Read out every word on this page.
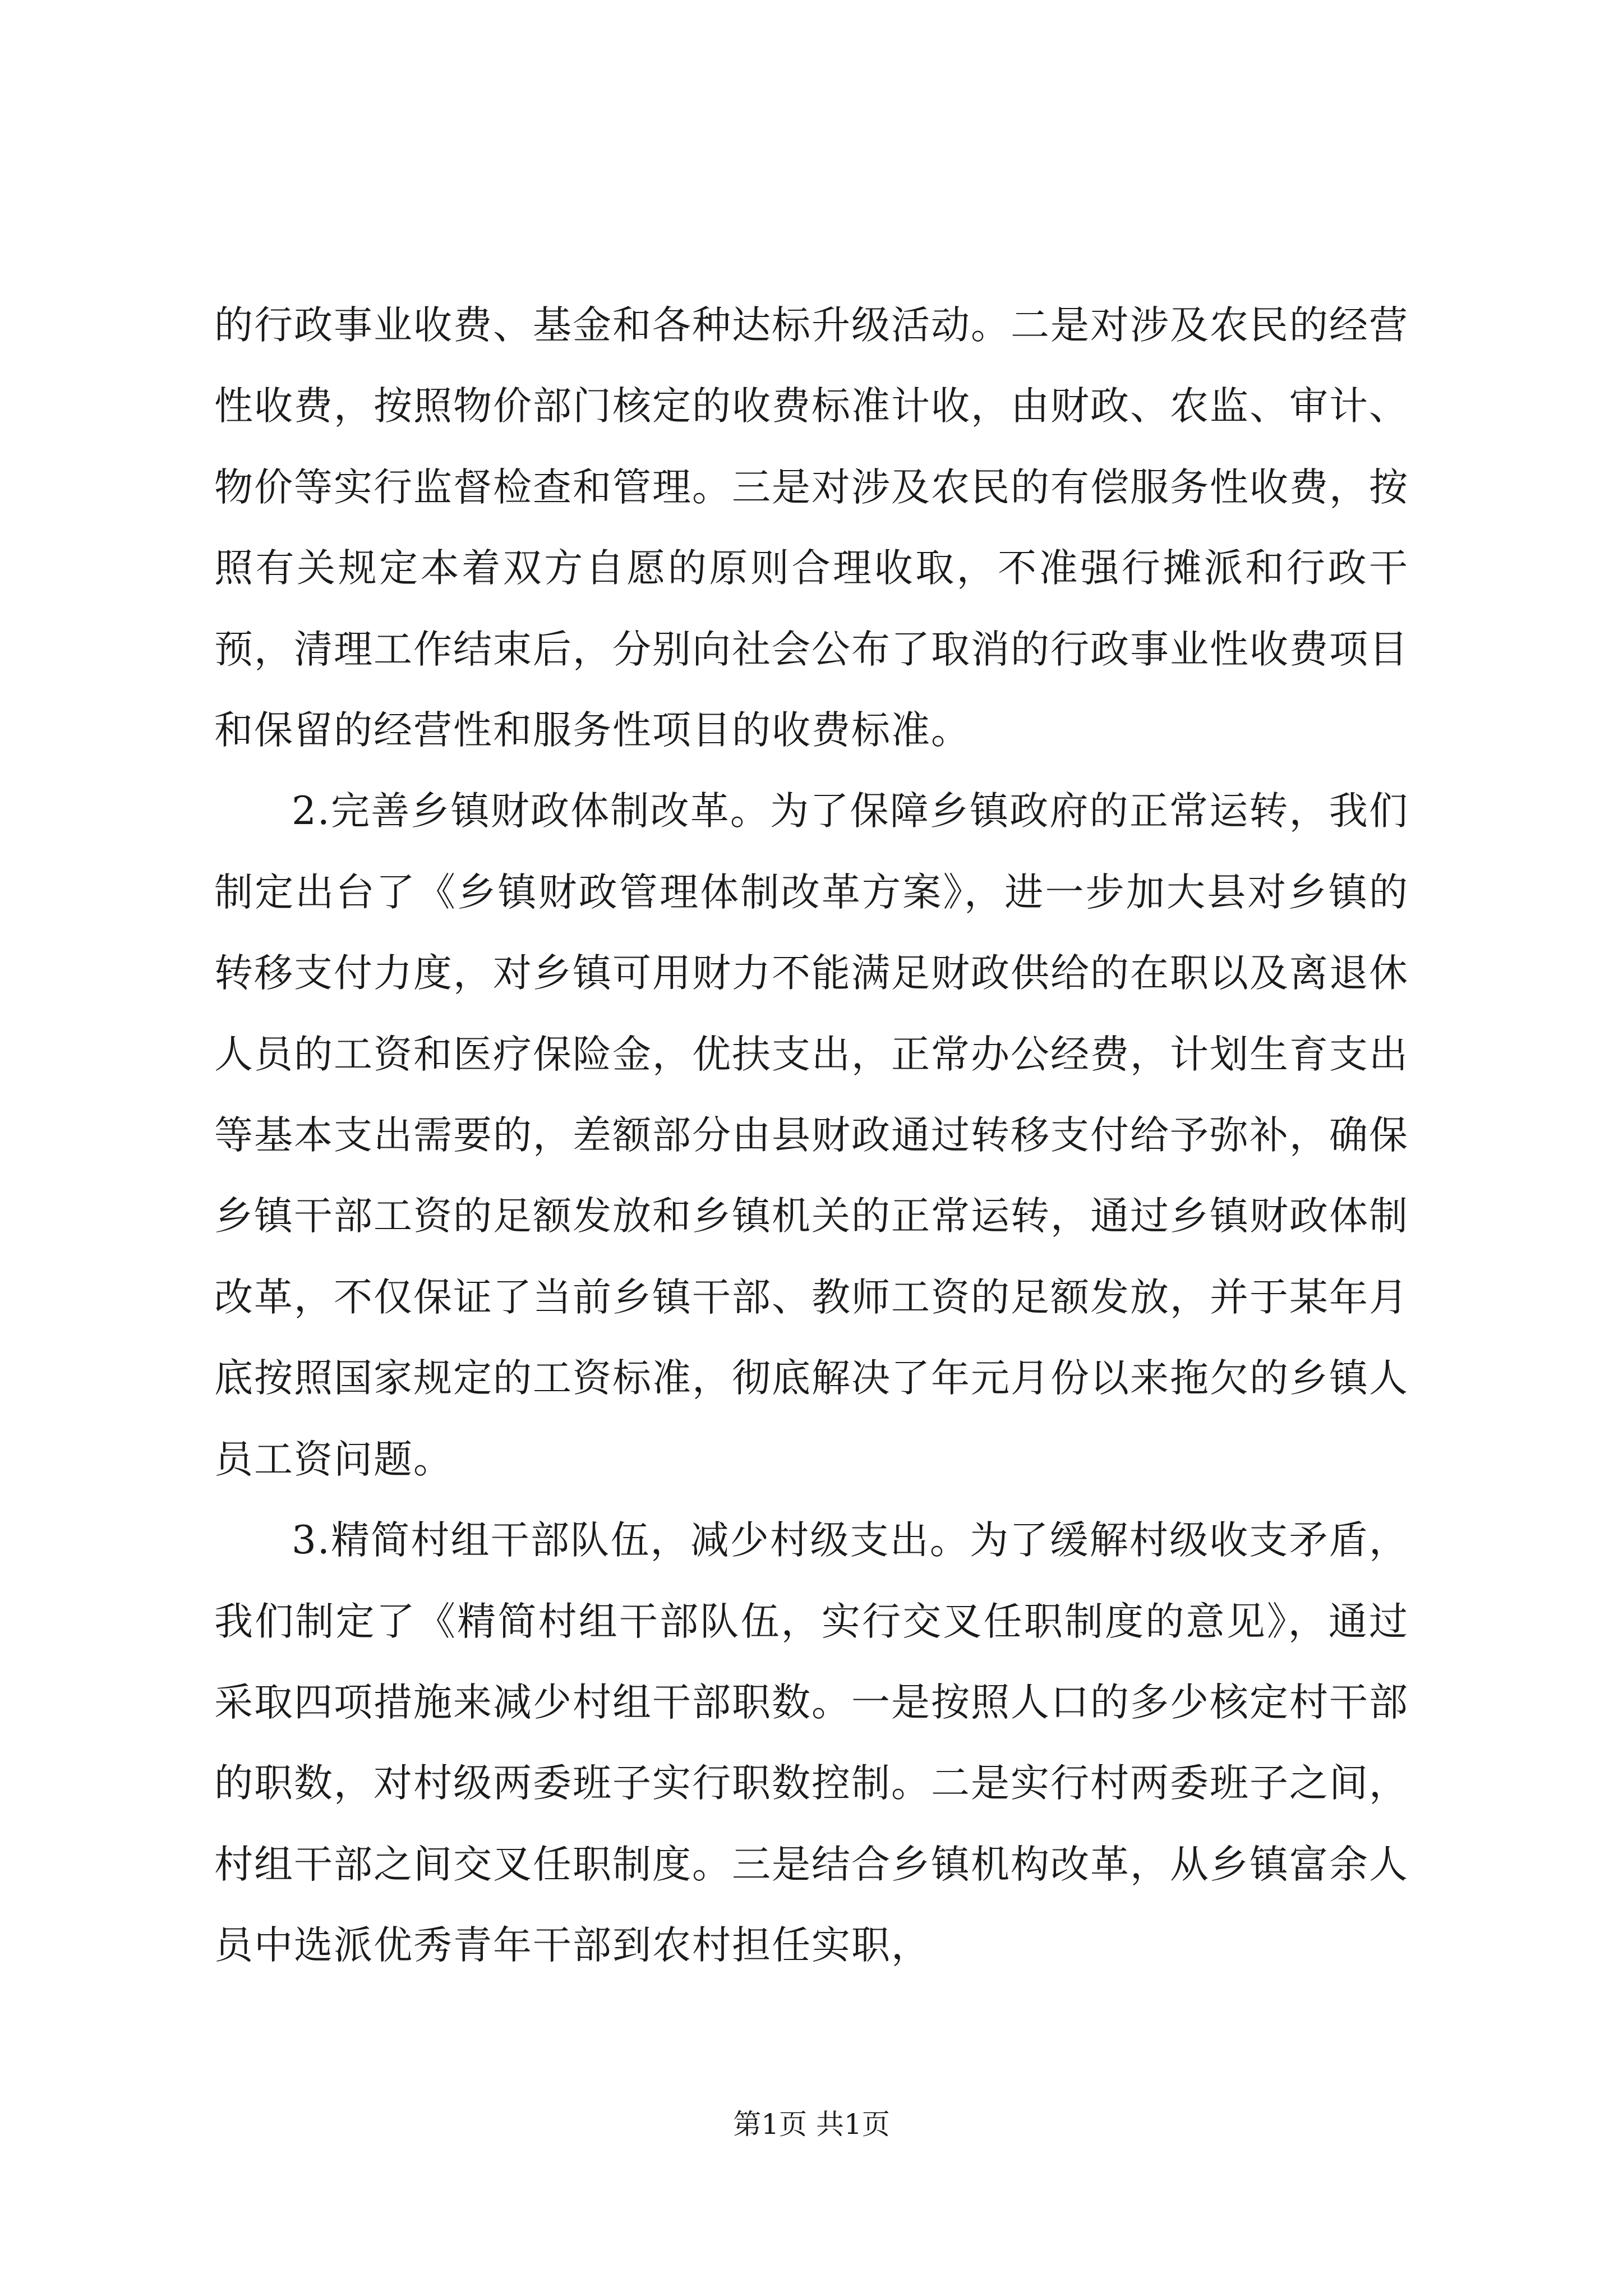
的行政事业收费、基金和各种达标升级活动。二是对涉及农民的经营性收费，按照物价部门核定的收费标准计收，由财政、农监、审计、物价等实行监督检查和管理。三是对涉及农民的有偿服务性收费，按照有关规定本着双方自愿的原则合理收取，不准强行摊派和行政干预，清理工作结束后，分别向社会公布了取消的行政事业性收费项目和保留的经营性和服务性项目的收费标准。

2.完善乡镇财政体制改革。为了保障乡镇政府的正常运转，我们制定出台了《乡镇财政管理体制改革方案》，进一步加大县对乡镇的转移支付力度，对乡镇可用财力不能满足财政供给的在职以及离退休人员的工资和医疗保险金，优扶支出，正常办公经费，计划生育支出等基本支出需要的，差额部分由县财政通过转移支付给予弥补，确保乡镇干部工资的足额发放和乡镇机关的正常运转，通过乡镇财政体制改革，不仅保证了当前乡镇干部、教师工资的足额发放，并于某年月底按照国家规定的工资标准，彻底解决了年元月份以来拖欠的乡镇人员工资问题。

3.精简村组干部队伍，减少村级支出。为了缓解村级收支矛盾，我们制定了《精简村组干部队伍，实行交叉任职制度的意见》，通过采取四项措施来减少村组干部职数。一是按照人口的多少核定村干部的职数，对村级两委班子实行职数控制。二是实行村两委班子之间，村组干部之间交叉任职制度。三是结合乡镇机构改革，从乡镇富余人员中选派优秀青年干部到农村担任实职，

第1页 共1页
